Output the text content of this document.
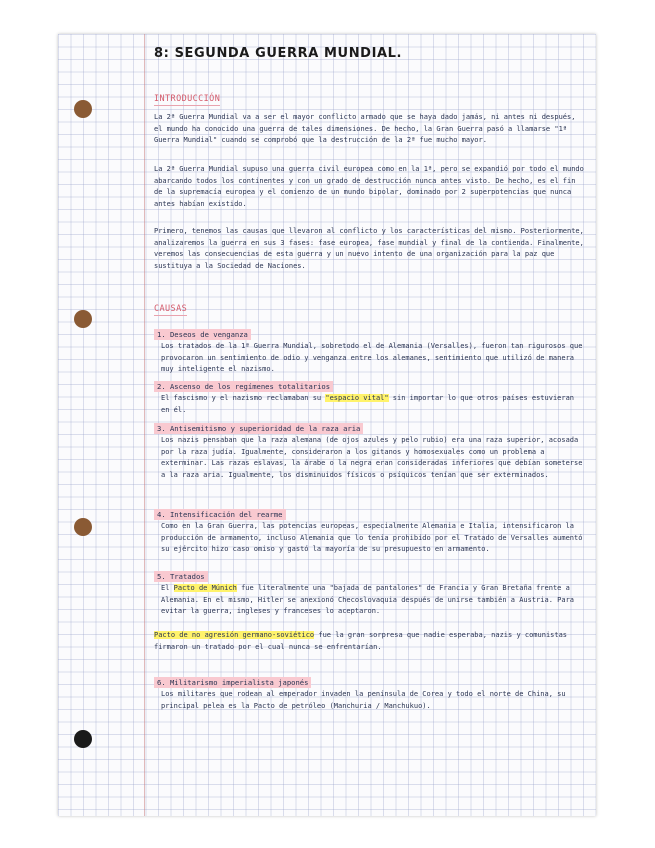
8: SEGUNDA GUERRA MUNDIAL.
INTRODUCCIÓN

La 2ª Guerra Mundial va a ser el mayor conflicto armado que se haya dado jamás, ni antes ni después, el mundo ha conocido una guerra de tales dimensiones. De hecho, la Gran Guerra pasó a llamarse "1ª Guerra Mundial" cuando se comprobó que la destrucción de la 2ª fue mucho mayor.

La 2ª Guerra Mundial supuso una guerra civil europea como en la 1ª, pero se expandió por todo el mundo abarcando todos los continentes y con un grado de destrucción nunca antes visto. De hecho, es el fin de la supremacía europea y el comienzo de un mundo bipolar, dominado por 2 superpotencias que nunca antes habían existido.

Primero, tenemos las causas que llevaron al conflicto y los características del mismo. Posteriormente, analizaremos la guerra en sus 3 fases: fase europea, fase mundial y final de la contienda. Finalmente, veremos las consecuencias de esta guerra y un nuevo intento de una organización para la paz que sustituya a la Sociedad de Naciones.

CAUSAS
1. Deseos de venganza

Los tratados de la 1ª Guerra Mundial, sobretodo el de Alemania (Versalles), fueron tan rigurosos que provocaron un sentimiento de odio y venganza entre los alemanes, sentimiento que utilizó de manera muy inteligente el nazismo.

2. Ascenso de los regímenes totalitarios

El fascismo y el nazismo reclamaban su "espacio vital" sin importar lo que otros países estuvieran en él.

3. Antisemitismo y superioridad de la raza aria

Los nazis pensaban que la raza alemana (de ojos azules y pelo rubio) era una raza superior, acosada por la raza judía. Igualmente, consideraron a los gitanos y homosexuales como un problema a exterminar. Las razas eslavas, la árabe o la negra eran consideradas inferiores que debían someterse a la raza aria. Igualmente, los disminuidos físicos o psíquicos tenían que ser exterminados.

4. Intensificación del rearme

Como en la Gran Guerra, las potencias europeas, especialmente Alemania e Italia, intensificaron la producción de armamento, incluso Alemania que lo tenía prohibido por el Tratado de Versalles aumentó su ejército hizo caso omiso y gastó la mayoría de su presupuesto en armamento.

5. Tratados

El Pacto de Múnich fue literalmente una "bajada de pantalones" de Francia y Gran Bretaña frente a Alemania. En el mismo, Hitler se anexionó Checoslovaquia después de unirse también a Austria. Para evitar la guerra, ingleses y franceses lo aceptaron.

Pacto de no agresión germano-soviético fue la gran sorpresa que nadie esperaba, nazis y comunistas firmaron un tratado por el cual nunca se enfrentarían.

6. Militarismo imperialista japonés

Los militares que rodean al emperador invaden la península de Corea y todo el norte de China, su principal pelea es la Pacto de petróleo (Manchuria / Manchukuo).
